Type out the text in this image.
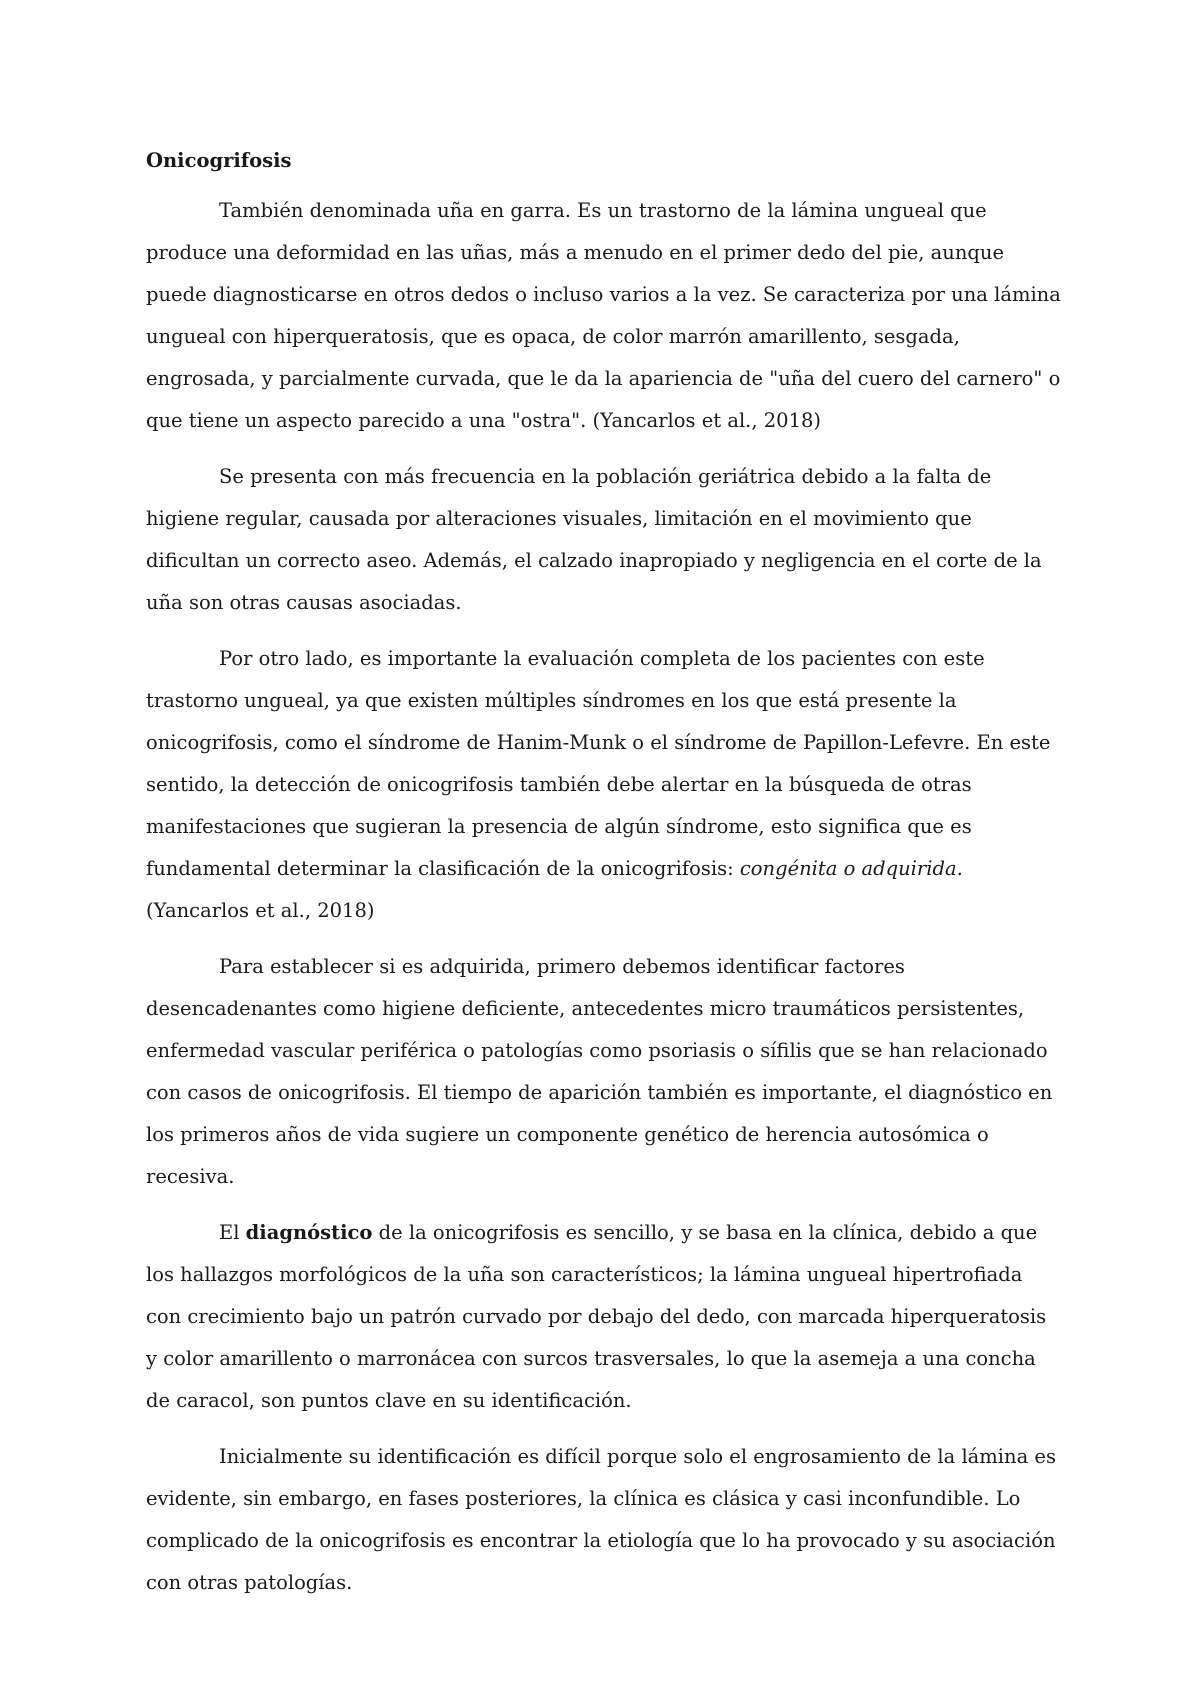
Onicogrifosis

También denominada uña en garra. Es un trastorno de la lámina ungueal que produce una deformidad en las uñas, más a menudo en el primer dedo del pie, aunque puede diagnosticarse en otros dedos o incluso varios a la vez. Se caracteriza por una lámina ungueal con hiperqueratosis, que es opaca, de color marrón amarillento, sesgada, engrosada, y parcialmente curvada, que le da la apariencia de "uña del cuero del carnero" o que tiene un aspecto parecido a una "ostra". (Yancarlos et al., 2018)

Se presenta con más frecuencia en la población geriátrica debido a la falta de higiene regular, causada por alteraciones visuales, limitación en el movimiento que dificultan un correcto aseo. Además, el calzado inapropiado y negligencia en el corte de la uña son otras causas asociadas.

Por otro lado, es importante la evaluación completa de los pacientes con este trastorno ungueal, ya que existen múltiples síndromes en los que está presente la onicogrifosis, como el síndrome de Hanim-Munk o el síndrome de Papillon-Lefevre. En este sentido, la detección de onicogrifosis también debe alertar en la búsqueda de otras manifestaciones que sugieran la presencia de algún síndrome, esto significa que es fundamental determinar la clasificación de la onicogrifosis: congénita o adquirida. (Yancarlos et al., 2018)

Para establecer si es adquirida, primero debemos identificar factores desencadenantes como higiene deficiente, antecedentes micro traumáticos persistentes, enfermedad vascular periférica o patologías como psoriasis o sífilis que se han relacionado con casos de onicogrifosis. El tiempo de aparición también es importante, el diagnóstico en los primeros años de vida sugiere un componente genético de herencia autosómica o recesiva.

El diagnóstico de la onicogrifosis es sencillo, y se basa en la clínica, debido a que los hallazgos morfológicos de la uña son característicos; la lámina ungueal hipertrofiada con crecimiento bajo un patrón curvado por debajo del dedo, con marcada hiperqueratosis y color amarillento o marronácea con surcos trasversales, lo que la asemeja a una concha de caracol, son puntos clave en su identificación.

Inicialmente su identificación es difícil porque solo el engrosamiento de la lámina es evidente, sin embargo, en fases posteriores, la clínica es clásica y casi inconfundible. Lo complicado de la onicogrifosis es encontrar la etiología que lo ha provocado y su asociación con otras patologías.
